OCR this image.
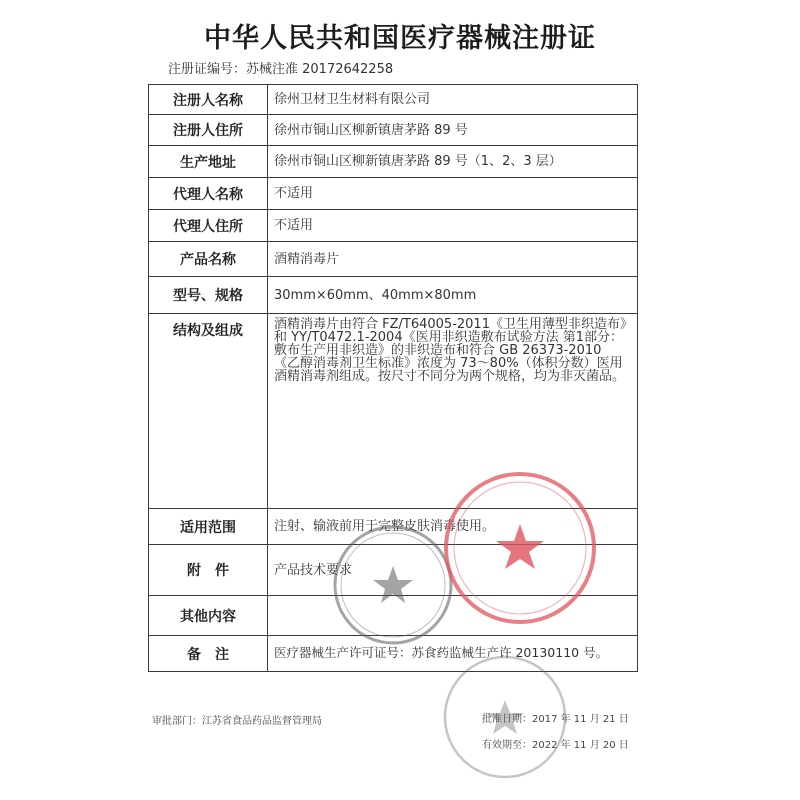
中华人民共和国医疗器械注册证
注册证编号：苏械注准 20172642258
注册人名称	徐州卫材卫生材料有限公司
注册人住所	徐州市铜山区柳新镇唐茅路 89 号
生产地址	徐州市铜山区柳新镇唐茅路 89 号（1、2、3 层）
代理人名称	不适用
代理人住所	不适用
产品名称	酒精消毒片
型号、规格	30mm×60mm、40mm×80mm
结构及组成	酒精消毒片由符合 FZ/T64005-2011《卫生用薄型非织造布》和 YY/T0472.1-2004《医用非织造敷布试验方法 第1部分：敷布生产用非织造》的非织造布和符合 GB 26373-2010 《乙醇消毒剂卫生标准》浓度为 73～80%（体积分数）医用酒精消毒剂组成。按尺寸不同分为两个规格，均为非灭菌品。
适用范围	注射、输液前用于完整皮肤消毒使用。
附　件	产品技术要求
其他内容	
备　注	医疗器械生产许可证号：苏食药监械生产许 20130110 号。
审批部门：江苏省食品药品监督管理局	批准日期：2017 年 11 月 21 日
有效期至：2022 年 11 月 20 日
